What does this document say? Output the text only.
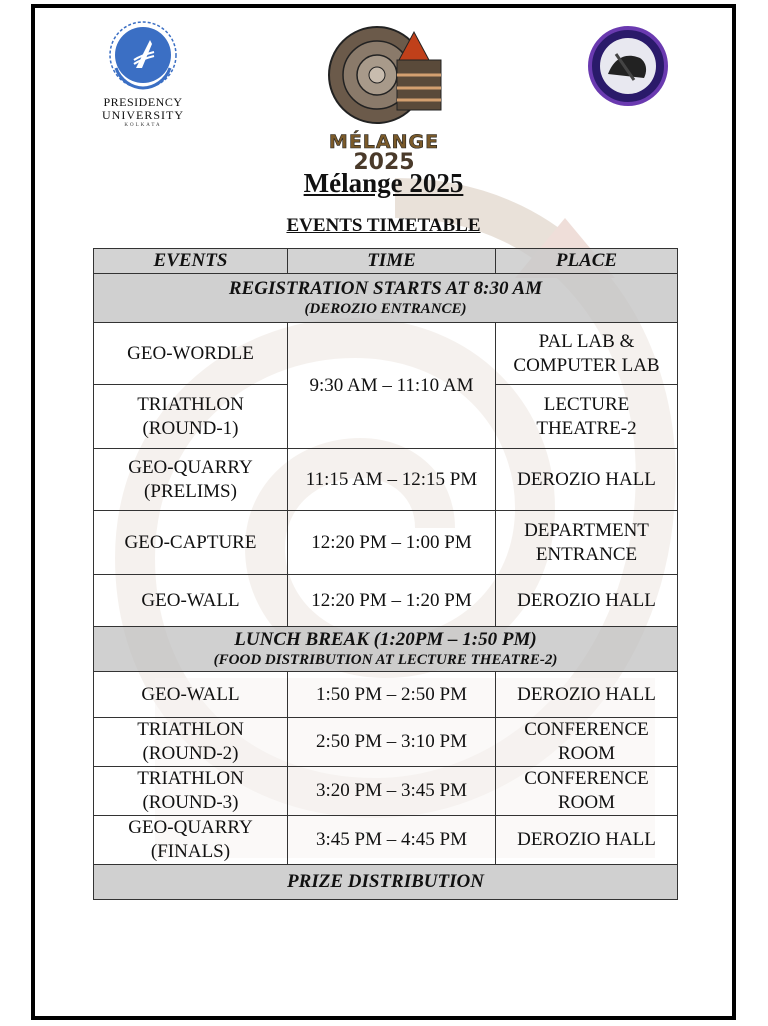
PRESIDENCY
UNIVERSITY
KOLKATA
MÉLANGE
2025
Mélange 2025
EVENTS TIMETABLE
EVENTS	TIME	PLACE

REGISTRATION STARTS AT 8:30 AM
(DEROZIO ENTRANCE)		

GEO-WORDLE	9:30 AM – 11:10 AM	PAL LAB & COMPUTER LAB
TRIATHLON (ROUND-1)		LECTURE THEATRE-2
GEO-QUARRY (PRELIMS)	11:15 AM – 12:15 PM	DEROZIO HALL
GEO-CAPTURE	12:20 PM – 1:00 PM	DEPARTMENT ENTRANCE
GEO-WALL	12:20 PM – 1:20 PM	DEROZIO HALL

LUNCH BREAK (1:20PM – 1:50 PM)
(FOOD DISTRIBUTION AT LECTURE THEATRE-2)		

GEO-WALL	1:50 PM – 2:50 PM	DEROZIO HALL
TRIATHLON (ROUND-2)	2:50 PM – 3:10 PM	CONFERENCE ROOM
TRIATHLON (ROUND-3)	3:20 PM – 3:45 PM	CONFERENCE ROOM
GEO-QUARRY (FINALS)	3:45 PM – 4:45 PM	DEROZIO HALL
PRIZE DISTRIBUTION		
